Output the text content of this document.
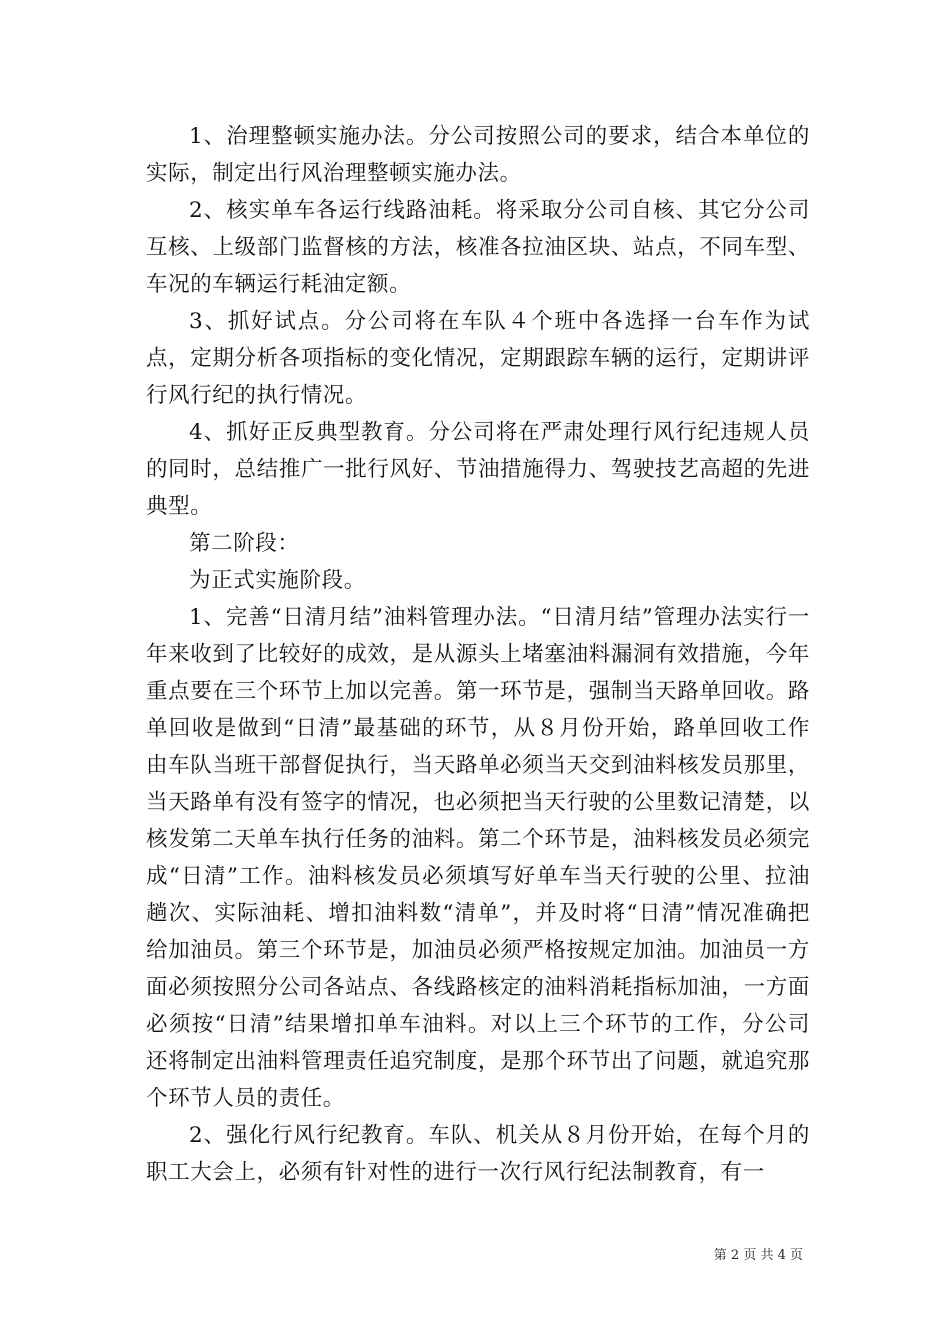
1、治理整顿实施办法。分公司按照公司的要求，结合本单位的实际，制定出行风治理整顿实施办法。

2、核实单车各运行线路油耗。将采取分公司自核、其它分公司互核、上级部门监督核的方法，核准各拉油区块、站点，不同车型、车况的车辆运行耗油定额。

3、抓好试点。分公司将在车队４个班中各选择一台车作为试点，定期分析各项指标的变化情况，定期跟踪车辆的运行，定期讲评行风行纪的执行情况。

4、抓好正反典型教育。分公司将在严肃处理行风行纪违规人员的同时，总结推广一批行风好、节油措施得力、驾驶技艺高超的先进典型。

第二阶段：

为正式实施阶段。

1、完善“日清月结”油料管理办法。“日清月结”管理办法实行一年来收到了比较好的成效，是从源头上堵塞油料漏洞有效措施，今年重点要在三个环节上加以完善。第一环节是，强制当天路单回收。路单回收是做到“日清”最基础的环节，从８月份开始，路单回收工作由车队当班干部督促执行，当天路单必须当天交到油料核发员那里，当天路单有没有签字的情况，也必须把当天行驶的公里数记清楚，以核发第二天单车执行任务的油料。第二个环节是，油料核发员必须完成“日清”工作。油料核发员必须填写好单车当天行驶的公里、拉油趟次、实际油耗、增扣油料数“清单”，并及时将“日清”情况准确把给加油员。第三个环节是，加油员必须严格按规定加油。加油员一方面必须按照分公司各站点、各线路核定的油料消耗指标加油，一方面必须按“日清”结果增扣单车油料。对以上三个环节的工作，分公司还将制定出油料管理责任追究制度，是那个环节出了问题，就追究那个环节人员的责任。

2、强化行风行纪教育。车队、机关从８月份开始，在每个月的职工大会上，必须有针对性的进行一次行风行纪法制教育，有一

第 2 页 共 4 页
